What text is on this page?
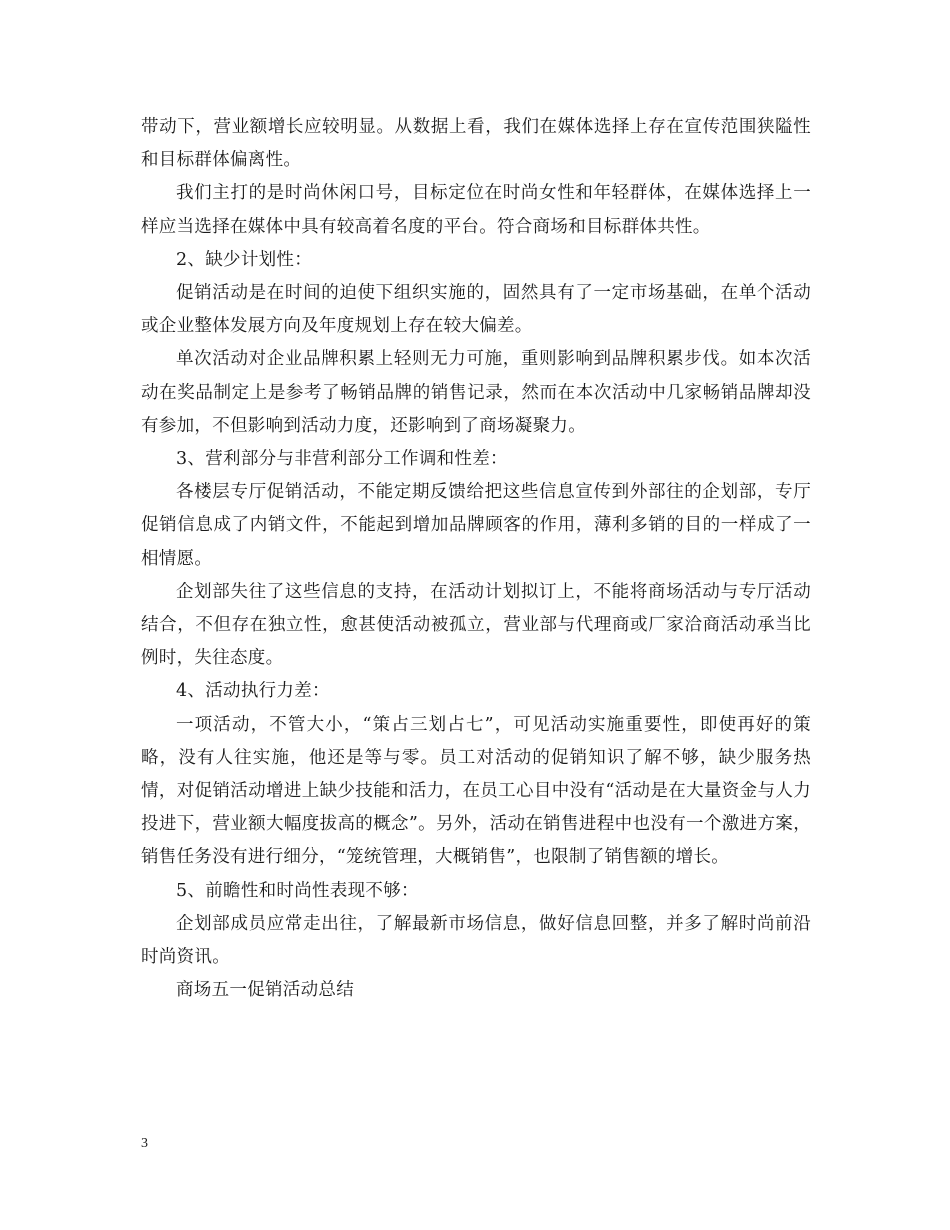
带动下，营业额增长应较明显。从数据上看，我们在媒体选择上存在宣传范围狭隘性和目标群体偏离性。

我们主打的是时尚休闲口号，目标定位在时尚女性和年轻群体，在媒体选择上一样应当选择在媒体中具有较高着名度的平台。符合商场和目标群体共性。

2、缺少计划性：

促销活动是在时间的迫使下组织实施的，固然具有了一定市场基础，在单个活动或企业整体发展方向及年度规划上存在较大偏差。

单次活动对企业品牌积累上轻则无力可施，重则影响到品牌积累步伐。如本次活动在奖品制定上是参考了畅销品牌的销售记录，然而在本次活动中几家畅销品牌却没有参加，不但影响到活动力度，还影响到了商场凝聚力。

3、营利部分与非营利部分工作调和性差：

各楼层专厅促销活动，不能定期反馈给把这些信息宣传到外部往的企划部，专厅促销信息成了内销文件，不能起到增加品牌顾客的作用，薄利多销的目的一样成了一相情愿。

企划部失往了这些信息的支持，在活动计划拟订上，不能将商场活动与专厅活动结合，不但存在独立性，愈甚使活动被孤立，营业部与代理商或厂家洽商活动承当比例时，失往态度。

4、活动执行力差：

一项活动，不管大小，“策占三划占七”，可见活动实施重要性，即使再好的策略，没有人往实施，他还是等与零。员工对活动的促销知识了解不够，缺少服务热情，对促销活动增进上缺少技能和活力，在员工心目中没有“活动是在大量资金与人力投进下，营业额大幅度拔高的概念”。另外，活动在销售进程中也没有一个激进方案，销售任务没有进行细分，“笼统管理，大概销售”，也限制了销售额的增长。

5、前瞻性和时尚性表现不够：

企划部成员应常走出往，了解最新市场信息，做好信息回整，并多了解时尚前沿时尚资讯。

商场五一促销活动总结

3
